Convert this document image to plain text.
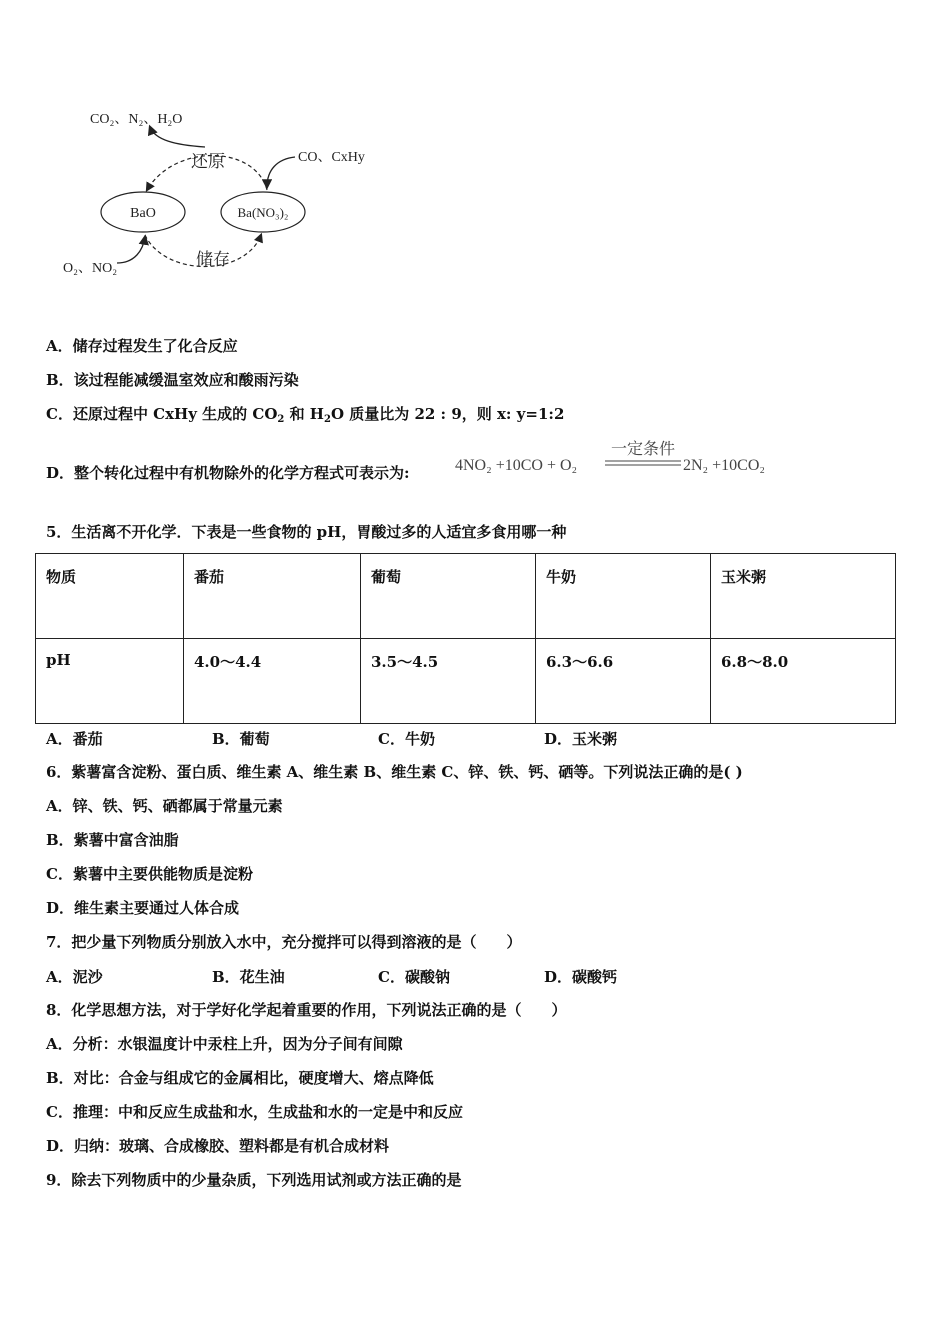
CO₂、N₂、H₂O
还原
储存
CO、CxHy
O₂、NO₂
BaO	Ba(NO₃)₂
A．储存过程发生了化合反应
B．该过程能减缓温室效应和酸雨污染
C．还原过程中 CxHy 生成的 $CO_2$ 和 $H_2O$ 质量比为 22 : 9，则 x: y=1:2
D．整个转化过程中有机物除外的化学方程式可表示为:	4NO₂ +10CO + O₂
一定条件
2N₂ +10CO₂
5．生活离不开化学．下表是一些食物的 pH，胃酸过多的人适宜多食用哪一种
物质	番茄	葡萄	牛奶	玉米粥
pH	4.0～4.4	3.5～4.5	6.3～6.6	6.8～8.0
A．番茄	B．葡萄	C．牛奶	D．玉米粥
6．紫薯富含淀粉、蛋白质、维生素 A、维生素 B、维生素 C、锌、铁、钙、硒等。下列说法正确的是( )
A．锌、铁、钙、硒都属于常量元素
B．紫薯中富含油脂
C．紫薯中主要供能物质是淀粉
D．维生素主要通过人体合成
7．把少量下列物质分别放入水中，充分搅拌可以得到溶液的是（　　）
A．泥沙	B．花生油	C．碳酸钠	D．碳酸钙
8．化学思想方法，对于学好化学起着重要的作用，下列说法正确的是（　　）
A．分析：水银温度计中汞柱上升，因为分子间有间隙
B．对比：合金与组成它的金属相比，硬度增大、熔点降低
C．推理：中和反应生成盐和水，生成盐和水的一定是中和反应
D．归纳：玻璃、合成橡胶、塑料都是有机合成材料
9．除去下列物质中的少量杂质，下列选用试剂或方法正确的是
